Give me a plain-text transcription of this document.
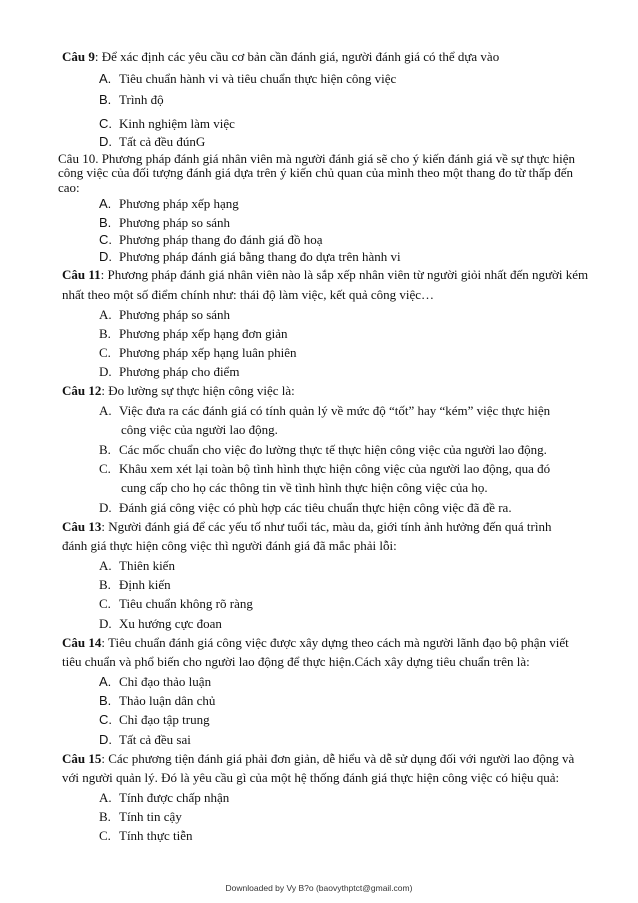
Câu 9: Để xác định các yêu cầu cơ bản cần đánh giá, người đánh giá có thể dựa vào
A. Tiêu chuẩn hành vi và tiêu chuẩn thực hiện công việc
B. Trình độ
C. Kinh nghiệm làm việc
D. Tất cả đều đúnG
Câu 10. Phương pháp đánh giá nhân viên mà người đánh giá sẽ cho ý kiến đánh giá về sự thực hiện
công việc của đối tượng đánh giá dựa trên ý kiến chủ quan của mình theo một thang đo từ thấp đến
cao:
A. Phương pháp xếp hạng
B. Phương pháp so sánh
C. Phương pháp thang đo đánh giá đồ hoạ
D. Phương pháp đánh giá bằng thang đo dựa trên hành vi
Câu 11: Phương pháp đánh giá nhân viên nào là sắp xếp nhân viên từ người giỏi nhất đến người kém
nhất theo một số điểm chính như: thái độ làm việc, kết quả công việc…
A. Phương pháp so sánh
B. Phương pháp xếp hạng đơn giản
C. Phương pháp xếp hạng luân phiên
D. Phương pháp cho điểm
Câu 12: Đo lường sự thực hiện công việc là:
A. Việc đưa ra các đánh giá có tính quản lý về mức độ “tốt” hay “kém” việc thực hiện
công việc của người lao động.
B. Các mốc chuẩn cho việc đo lường thực tế thực hiện công việc của người lao động.
C. Khâu xem xét lại toàn bộ tình hình thực hiện công việc của người lao động, qua đó
cung cấp cho họ các thông tin về tình hình thực hiện công việc của họ.
D. Đánh giá công việc có phù hợp các tiêu chuẩn thực hiện công việc đã đề ra.
Câu 13: Người đánh giá để các yếu tố như tuổi tác, màu da, giới tính ảnh hưởng đến quá trình
đánh giá thực hiện công việc thì người đánh giá đã mắc phải lỗi:
A. Thiên kiến
B. Định kiến
C. Tiêu chuẩn không rõ ràng
D. Xu hướng cực đoan
Câu 14: Tiêu chuẩn đánh giá công việc được xây dựng theo cách mà người lãnh đạo bộ phận viết
tiêu chuẩn và phổ biến cho người lao động để thực hiện.Cách xây dựng tiêu chuẩn trên là:
A. Chỉ đạo thảo luận
B. Thảo luận dân chủ
C. Chỉ đạo tập trung
D. Tất cả đều sai
Câu 15: Các phương tiện đánh giá phải đơn giản, dễ hiểu và dễ sử dụng đối với người lao động và
với người quản lý. Đó là yêu cầu gì của một hệ thống đánh giá thực hiện công việc có hiệu quả:
A. Tính được chấp nhận
B. Tính tin cậy
C. Tính thực tiễn
Downloaded by Vy B?o (baovythptct@gmail.com)
